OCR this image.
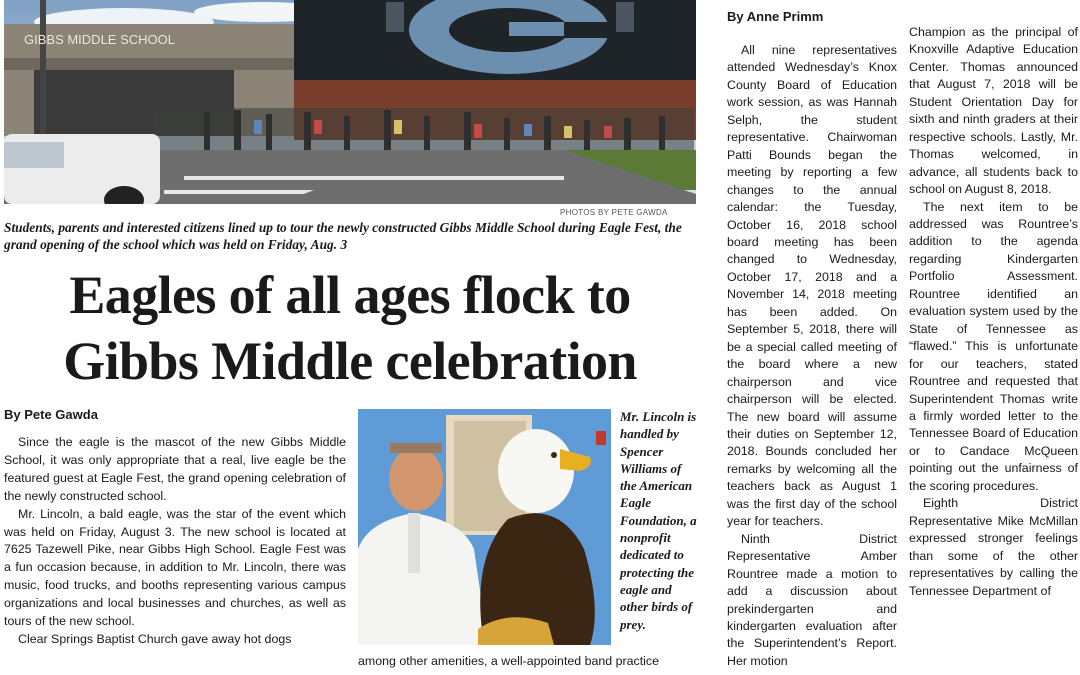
GIBBS MIDDLE SCHOOL
PHOTOS BY PETE GAWDA
Students, parents and interested citizens lined up to tour the newly constructed Gibbs Middle School during Eagle Fest, the grand opening of the school which was held on Friday, Aug. 3
Eagles of all ages flock to
Gibbs Middle celebration
By Pete Gawda

Since the eagle is the mascot of the new Gibbs Middle School, it was only appropriate that a real, live eagle be the featured guest at Eagle Fest, the grand opening celebration of the newly constructed school.

Mr. Lincoln, a bald eagle, was the star of the event which was held on Friday, August 3. The new school is located at 7625 Tazewell Pike, near Gibbs High School. Eagle Fest was a fun occasion because, in addition to Mr. Lincoln, there was music, food trucks, and booths representing various campus organizations and local businesses and churches, as well as tours of the new school.

Clear Springs Baptist Church gave away hot dogs

Mr. Lincoln is handled by Spencer Williams of the American Eagle Foundation, a nonprofit dedicated to protecting the eagle and other birds of prey.
among other amenities, a well-appointed band practice
By Anne Primm

All nine representatives attended Wednesday’s Knox County Board of Education work session, as was Hannah Selph, the student representative. Chairwoman Patti Bounds began the meeting by reporting a few changes to the annual calendar: the Tuesday, October 16, 2018 school board meeting has been changed to Wednesday, October 17, 2018 and a November 14, 2018 meeting has been added. On September 5, 2018, there will be a special called meeting of the board where a new chairperson and vice chairperson will be elected. The new board will assume their duties on September 12, 2018. Bounds concluded her remarks by welcoming all the teachers back as August 1 was the first day of the school year for teachers.

Ninth District Representative Amber Rountree made a motion to add a discussion about prekindergarten and kindergarten evaluation after the Superintendent’s Report. Her motion

Champion as the principal of Knoxville Adaptive Education Center. Thomas announced that August 7, 2018 will be Student Orientation Day for sixth and ninth graders at their respective schools. Lastly, Mr. Thomas welcomed, in advance, all students back to school on August 8, 2018.

The next item to be addressed was Rountree’s addition to the agenda regarding Kindergarten Portfolio Assessment. Rountree identified an evaluation system used by the State of Tennessee as “flawed.” This is unfortunate for our teachers, stated Rountree and requested that Superintendent Thomas write a firmly worded letter to the Tennessee Board of Education or to Candace McQueen pointing out the unfairness of the scoring procedures.

Eighth District Representative Mike McMillan expressed stronger feelings than some of the other representatives by calling the Tennessee Department of
